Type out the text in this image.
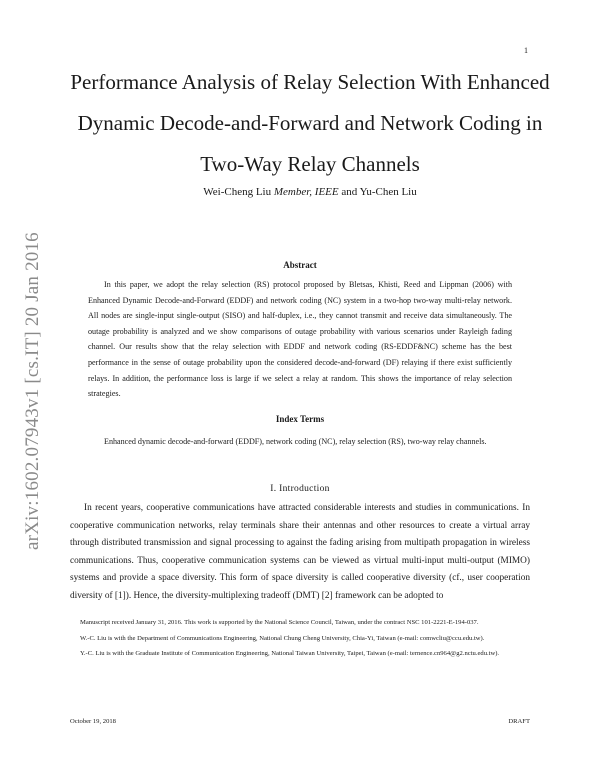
1
arXiv:1602.07943v1 [cs.IT] 20 Jan 2016
Performance Analysis of Relay Selection With Enhanced Dynamic Decode-and-Forward and Network Coding in Two-Way Relay Channels
Wei-Cheng Liu Member, IEEE and Yu-Chen Liu
Abstract

In this paper, we adopt the relay selection (RS) protocol proposed by Bletsas, Khisti, Reed and Lippman (2006) with Enhanced Dynamic Decode-and-Forward (EDDF) and network coding (NC) system in a two-hop two-way multi-relay network. All nodes are single-input single-output (SISO) and half-duplex, i.e., they cannot transmit and receive data simultaneously. The outage probability is analyzed and we show comparisons of outage probability with various scenarios under Rayleigh fading channel. Our results show that the relay selection with EDDF and network coding (RS-EDDF&NC) scheme has the best performance in the sense of outage probability upon the considered decode-and-forward (DF) relaying if there exist sufficiently relays. In addition, the performance loss is large if we select a relay at random. This shows the importance of relay selection strategies.

Index Terms

Enhanced dynamic decode-and-forward (EDDF), network coding (NC), relay selection (RS), two-way relay channels.

I. Introduction

In recent years, cooperative communications have attracted considerable interests and studies in communications. In cooperative communication networks, relay terminals share their antennas and other resources to create a virtual array through distributed transmission and signal processing to against the fading arising from multipath propagation in wireless communications. Thus, cooperative communication systems can be viewed as virtual multi-input multi-output (MIMO) systems and provide a space diversity. This form of space diversity is called cooperative diversity (cf., user cooperation diversity of [1]). Hence, the diversity-multiplexing tradeoff (DMT) [2] framework can be adopted to

Manuscript received January 31, 2016. This work is supported by the National Science Council, Taiwan, under the contract NSC 101-2221-E-194-037.

W.-C. Liu is with the Department of Communications Engineering, National Chung Cheng University, Chia-Yi, Taiwan (e-mail: comwcliu@ccu.edu.tw).

Y.-C. Liu is with the Graduate Institute of Communication Engineering, National Taiwan University, Taipei, Taiwan (e-mail: ternence.cn964@g2.nctu.edu.tw).

October 19, 2018	DRAFT
